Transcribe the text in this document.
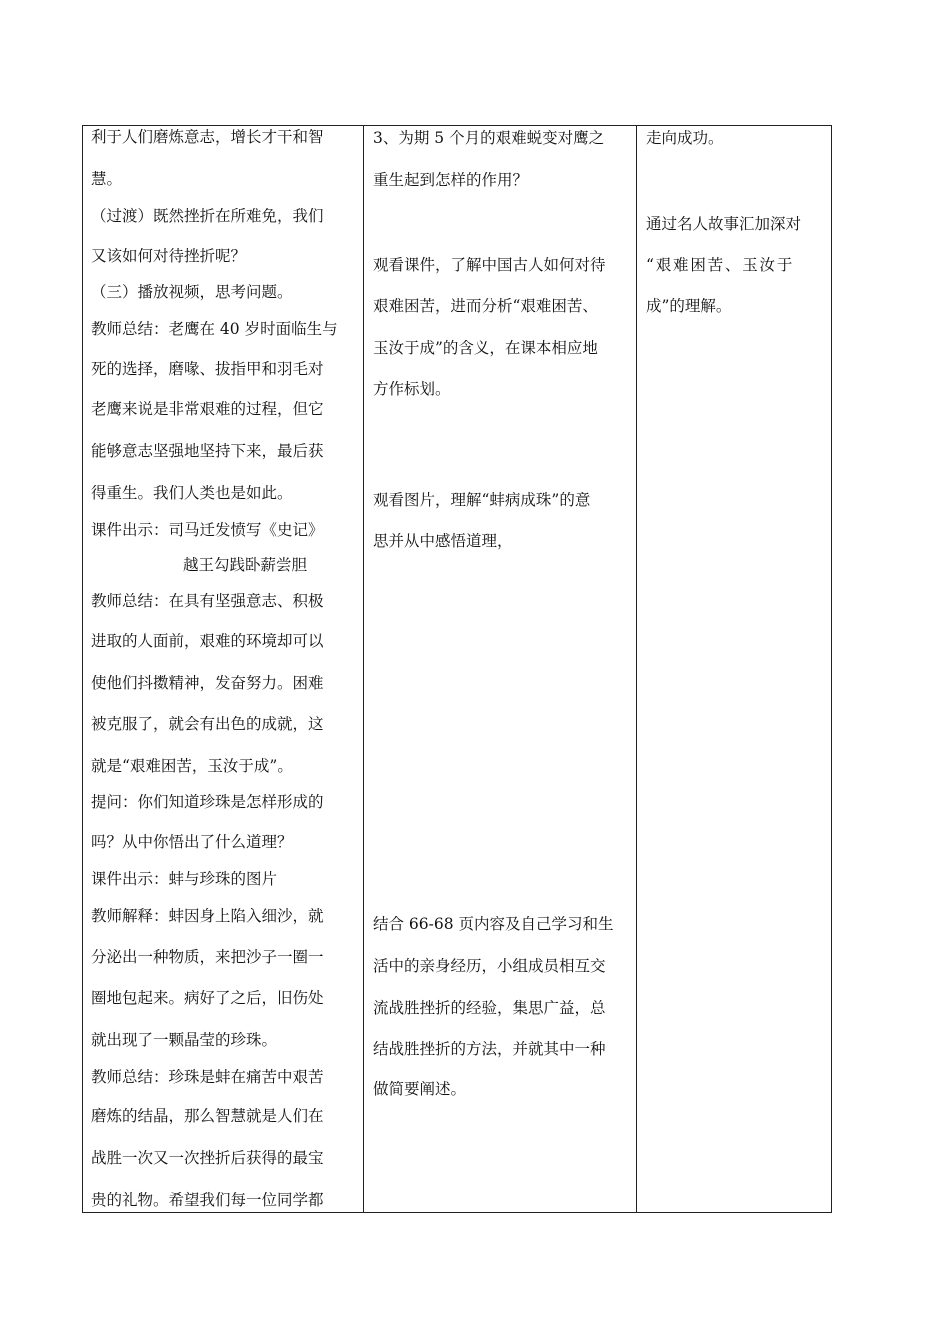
利于人们磨炼意志，增长才干和智
慧。
（过渡）既然挫折在所难免，我们
又该如何对待挫折呢？
（三）播放视频，思考问题。
教师总结：老鹰在 40 岁时面临生与
死的选择，磨喙、拔指甲和羽毛对
老鹰来说是非常艰难的过程，但它
能够意志坚强地坚持下来，最后获
得重生。我们人类也是如此。
课件出示：司马迁发愤写《史记》
越王勾践卧薪尝胆
教师总结：在具有坚强意志、积极
进取的人面前，艰难的环境却可以
使他们抖擞精神，发奋努力。困难
被克服了，就会有出色的成就，这
就是“艰难困苦，玉汝于成”。
提问：你们知道珍珠是怎样形成的
吗？从中你悟出了什么道理？
课件出示：蚌与珍珠的图片
教师解释：蚌因身上陷入细沙，就
分泌出一种物质，来把沙子一圈一
圈地包起来。病好了之后，旧伤处
就出现了一颗晶莹的珍珠。
教师总结：珍珠是蚌在痛苦中艰苦
磨炼的结晶，那么智慧就是人们在
战胜一次又一次挫折后获得的最宝
贵的礼物。希望我们每一位同学都
3、为期 5 个月的艰难蜕变对鹰之
重生起到怎样的作用？
观看课件，了解中国古人如何对待
艰难困苦，进而分析“艰难困苦、
玉汝于成”的含义，在课本相应地
方作标划。
观看图片，理解“蚌病成珠”的意
思并从中感悟道理，
结合 66-68 页内容及自己学习和生
活中的亲身经历，小组成员相互交
流战胜挫折的经验，集思广益，总
结战胜挫折的方法，并就其中一种
做简要阐述。
走向成功。
通过名人故事汇加深对
“艰难困苦、玉汝于
成”的理解。
